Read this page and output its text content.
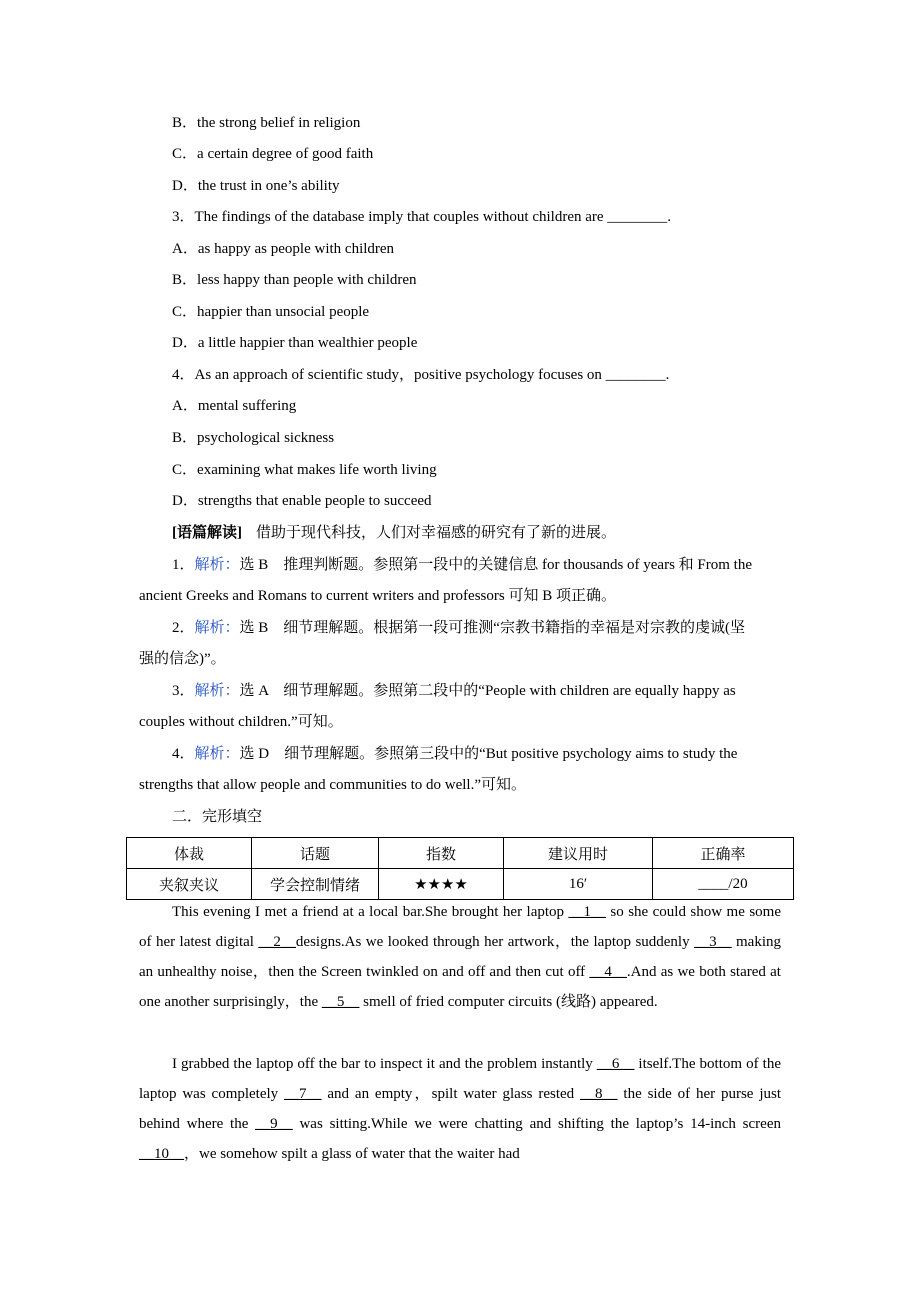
B．the strong belief in religion

C．a certain degree of good faith

D．the trust in one’s ability

3．The findings of the database imply that couples without children are ________.

A．as happy as people with children

B．less happy than people with children

C．happier than unsocial people

D．a little happier than wealthier people

4．As an approach of scientific study，positive psychology focuses on ________.

A．mental suffering

B．psychological sickness

C．examining what makes life worth living

D．strengths that enable people to succeed

[语篇解读] 借助于现代科技，人们对幸福感的研究有了新的进展。

1．解析：选 B　推理判断题。参照第一段中的关键信息 for thousands of years 和 From the

ancient Greeks and Romans to current writers and professors 可知 B 项正确。

2．解析：选 B　细节理解题。根据第一段可推测“宗教书籍指的幸福是对宗教的虔诚(坚

强的信念)”。

3．解析：选 A　细节理解题。参照第二段中的“People with children are equally happy as

couples without children.”可知。

4．解析：选 D　细节理解题。参照第三段中的“But positive psychology aims to study the

strengths that allow people and communities to do well.”可知。

二．完形填空

体裁	话题	指数	建议用时	正确率
夹叙夹议	学会控制情绪	★★★★	16′	____/20

This evening I met a friend at a local bar.She brought her laptop __1__ so she could show me some of her latest digital __2__designs.As we looked through her artwork，the laptop suddenly __3__ making an unhealthy noise，then the Screen twinkled on and off and then cut off __4__.And as we both stared at one another surprisingly，the __5__ smell of fried computer circuits (线路) appeared.

I grabbed the laptop off the bar to inspect it and the problem instantly __6__ itself.The bottom of the laptop was completely __7__ and an empty，spilt water glass rested __8__ the side of her purse just behind where the __9__ was sitting.While we were chatting and shifting the laptop’s 14-inch screen __10__，we somehow spilt a glass of water that the waiter had
